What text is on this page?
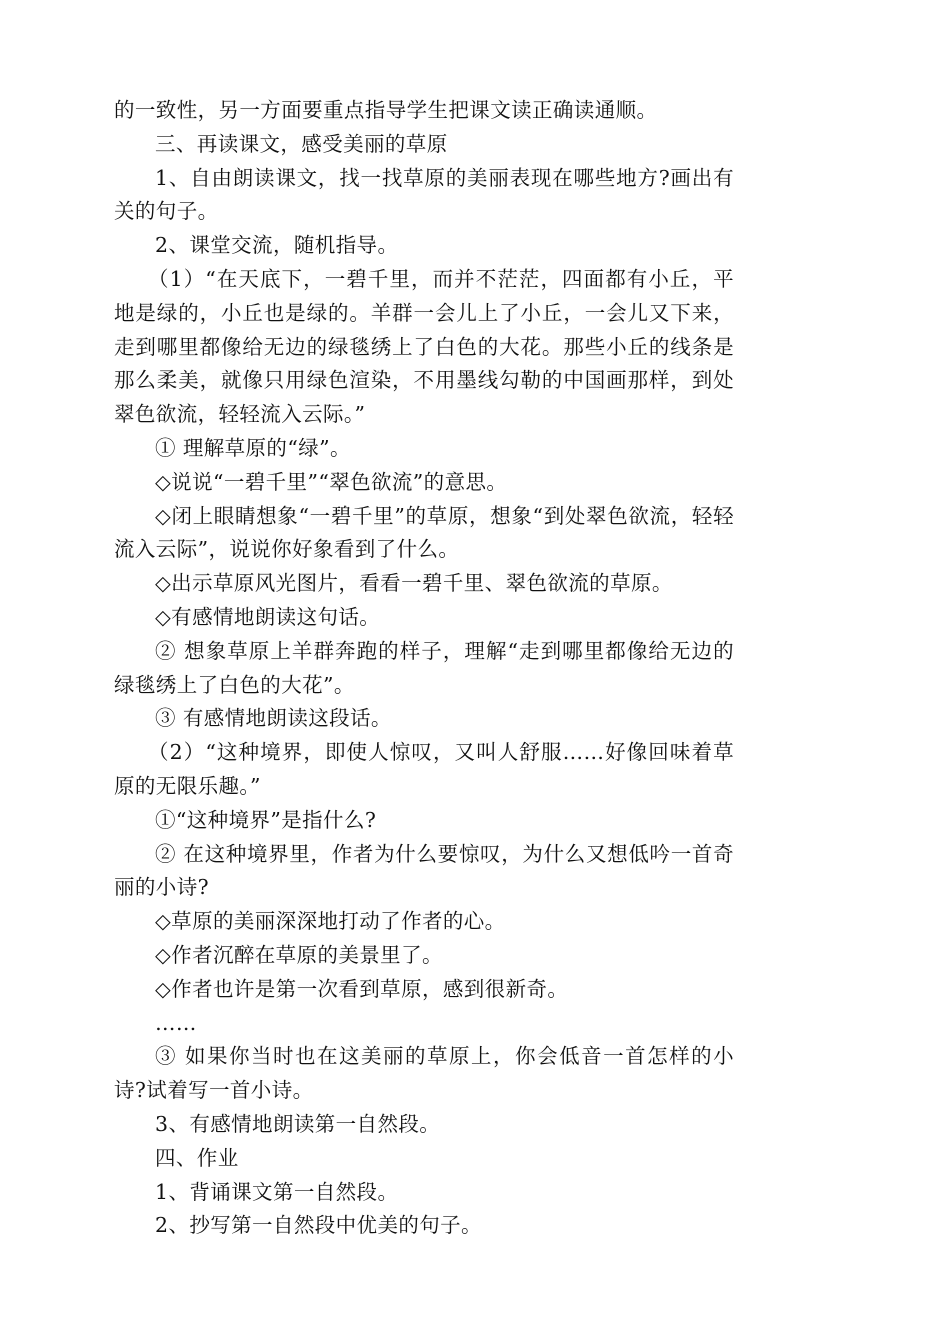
的一致性，另一方面要重点指导学生把课文读正确读通顺。

三、再读课文，感受美丽的草原

1、自由朗读课文，找一找草原的美丽表现在哪些地方?画出有关的句子。

2、课堂交流，随机指导。

（1）“在天底下，一碧千里，而并不茫茫，四面都有小丘，平地是绿的，小丘也是绿的。羊群一会儿上了小丘，一会儿又下来，走到哪里都像给无边的绿毯绣上了白色的大花。那些小丘的线条是那么柔美，就像只用绿色渲染，不用墨线勾勒的中国画那样，到处翠色欲流，轻轻流入云际。”

① 理解草原的“绿”。

◇说说“一碧千里”“翠色欲流”的意思。

◇闭上眼睛想象“一碧千里”的草原，想象“到处翠色欲流，轻轻流入云际”，说说你好象看到了什么。

◇出示草原风光图片，看看一碧千里、翠色欲流的草原。

◇有感情地朗读这句话。

② 想象草原上羊群奔跑的样子，理解“走到哪里都像给无边的绿毯绣上了白色的大花”。

③ 有感情地朗读这段话。

（2）“这种境界，即使人惊叹，又叫人舒服……好像回味着草原的无限乐趣。”

①“这种境界”是指什么?

② 在这种境界里，作者为什么要惊叹，为什么又想低吟一首奇丽的小诗?

◇草原的美丽深深地打动了作者的心。

◇作者沉醉在草原的美景里了。

◇作者也许是第一次看到草原，感到很新奇。

……

③ 如果你当时也在这美丽的草原上，你会低音一首怎样的小诗?试着写一首小诗。

3、有感情地朗读第一自然段。

四、作业

1、背诵课文第一自然段。

2、抄写第一自然段中优美的句子。
